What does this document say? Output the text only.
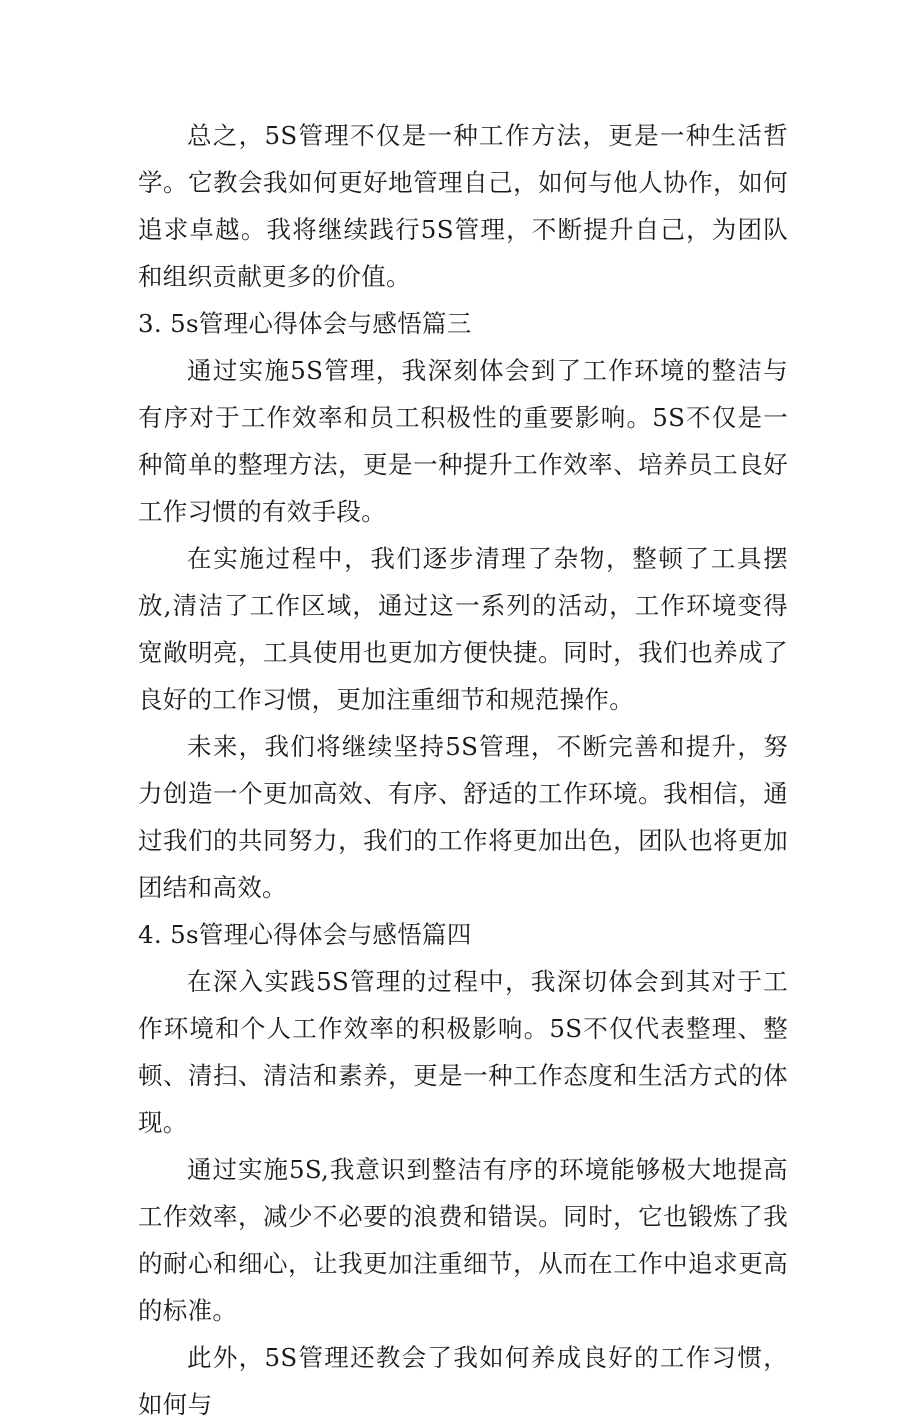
总之，5S管理不仅是一种工作方法，更是一种生活哲学。它教会我如何更好地管理自己，如何与他人协作，如何追求卓越。我将继续践行5S管理，不断提升自己，为团队和组织贡献更多的价值。

3. 5s管理心得体会与感悟篇三

通过实施5S管理，我深刻体会到了工作环境的整洁与有序对于工作效率和员工积极性的重要影响。5S不仅是一种简单的整理方法，更是一种提升工作效率、培养员工良好工作习惯的有效手段。

在实施过程中，我们逐步清理了杂物，整顿了工具摆放,清洁了工作区域，通过这一系列的活动，工作环境变得宽敞明亮，工具使用也更加方便快捷。同时，我们也养成了良好的工作习惯，更加注重细节和规范操作。

未来，我们将继续坚持5S管理，不断完善和提升，努力创造一个更加高效、有序、舒适的工作环境。我相信，通过我们的共同努力，我们的工作将更加出色，团队也将更加团结和高效。

4. 5s管理心得体会与感悟篇四

在深入实践5S管理的过程中，我深切体会到其对于工作环境和个人工作效率的积极影响。5S不仅代表整理、整顿、清扫、清洁和素养，更是一种工作态度和生活方式的体现。

通过实施5S,我意识到整洁有序的环境能够极大地提高工作效率，减少不必要的浪费和错误。同时，它也锻炼了我的耐心和细心，让我更加注重细节，从而在工作中追求更高的标准。

此外，5S管理还教会了我如何养成良好的工作习惯，如何与
